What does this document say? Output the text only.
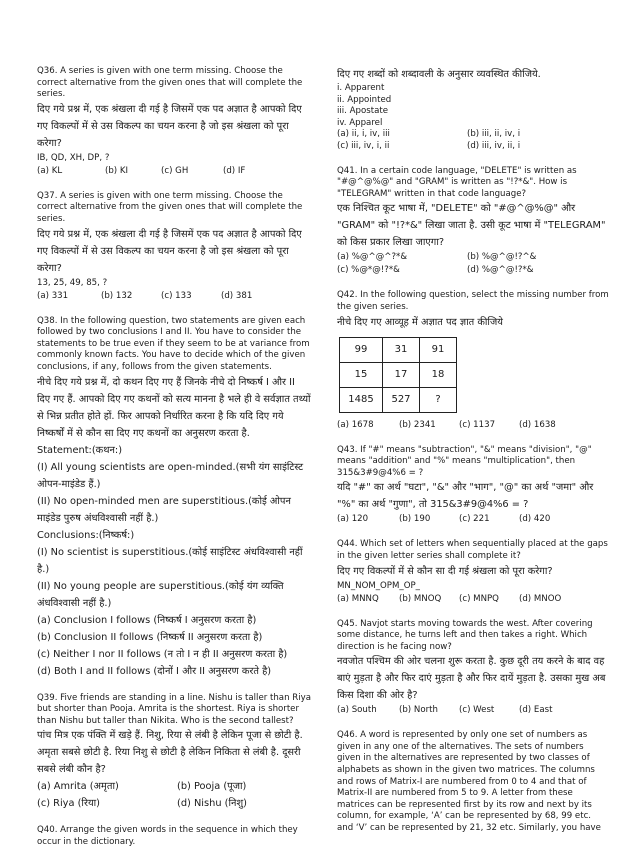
Q36. A series is given with one term missing. Choose the correct alternative from the given ones that will complete the series.

दिए गये प्रश्न में, एक श्रंखला दी गई है जिसमें एक पद अज्ञात है आपको दिए गए विकल्पों में से उस विकल्प का चयन करना है जो इस श्रंखला को पूरा करेगा?

IB, QD, XH, DP, ?

(a) KL	(b) KI	(c) GH	(d) IF

Q37. A series is given with one term missing. Choose the correct alternative from the given ones that will complete the series.

दिए गये प्रश्न में, एक श्रंखला दी गई है जिसमें एक पद अज्ञात है आपको दिए गए विकल्पों में से उस विकल्प का चयन करना है जो इस श्रंखला को पूरा करेगा?

13, 25, 49, 85, ?

(a) 331	(b) 132	(c) 133	(d) 381

Q38. In the following question, two statements are given each followed by two conclusions I and II. You have to consider the statements to be true even if they seem to be at variance from commonly known facts. You have to decide which of the given conclusions, if any, follows from the given statements.

नीचे दिए गये प्रश्न में, दो कथन दिए गए हैं जिनके नीचे दो निष्कर्ष I और II दिए गए हैं. आपको दिए गए कथनों को सत्य मानना है भले ही वे सर्वज्ञात तथ्यों से भिन्न प्रतीत होते हों. फिर आपको निर्धारित करना है कि यदि दिए गये निष्कर्षों में से कौन सा दिए गए कथनों का अनुसरण करता है.

Statement:(कथन:)

(I) All young scientists are open-minded.(सभी यंग साइंटिस्ट ओपन-माइंडेड हैं.)

(II) No open-minded men are superstitious.(कोई ओपन माइंडेड पुरुष अंधविश्वासी नहीं है.)

Conclusions:(निष्कर्ष:)

(I) No scientist is superstitious.(कोई साइंटिस्ट अंधविश्वासी नहीं है.)

(II) No young people are superstitious.(कोई यंग व्यक्ति अंधविश्वासी नहीं है.)

(a) Conclusion I follows (निष्कर्ष I अनुसरण करता है)

(b) Conclusion II follows (निष्कर्ष II अनुसरण करता है)

(c) Neither I nor II follows (न तो I न ही II अनुसरण करता है)

(d) Both I and II follows (दोनों I और II अनुसरण करते है)

Q39. Five friends are standing in a line. Nishu is taller than Riya but shorter than Pooja. Amrita is the shortest. Riya is shorter than Nishu but taller than Nikita. Who is the second tallest?

पांच मित्र एक पंक्ति में खड़े हैं. निशु, रिया से लंबी है लेकिन पूजा से छोटी है. अमृता सबसे छोटी है. रिया निशु से छोटी है लेकिन निकिता से लंबी है. दूसरी सबसे लंबी कौन है?

(a) Amrita (अमृता)	(b) Pooja (पूजा)
(c) Riya (रिया)	(d) Nishu (निशु)

Q40. Arrange the given words in the sequence in which they occur in the dictionary.

दिए गए शब्दों को शब्दावली के अनुसार व्यवस्थित कीजिये.

i. Apparent

ii. Appointed

iii. Apostate

iv. Apparel

(a) ii, i, iv, iii	(b) iii, ii, iv, i
(c) iii, iv, i, ii	(d) iii, iv, ii, i

Q41. In a certain code language, "DELETE" is written as "#@^@%@" and "GRAM" is written as "!?*&". How is "TELEGRAM" written in that code language?

एक निश्चित कूट भाषा में, "DELETE" को "#@^@%@" और "GRAM" को "!?*&" लिखा जाता है. उसी कूट भाषा में "TELEGRAM" को किस प्रकार लिखा जाएगा?

(a) %@^@^?*&	(b) %@^@!?^&
(c) %@*@!?*&	(d) %@^@!?*&

Q42. In the following question, select the missing number from the given series.

नीचे दिए गए आव्यूह में अज्ञात पद ज्ञात कीजिये

99	31	91
15	17	18
1485	527	?
(a) 1678	(b) 2341	(c) 1137	(d) 1638

Q43. If "#" means "subtraction", "&" means "division", "@" means "addition" and "%" means "multiplication", then 315&3#9@4%6 = ?

यदि "#" का अर्थ "घटा", "&" और "भाग", "@" का अर्थ "जमा" और "%" का अर्थ "गुणा", तो 315&3#9@4%6 = ?

(a) 120	(b) 190	(c) 221	(d) 420

Q44. Which set of letters when sequentially placed at the gaps in the given letter series shall complete it?

दिए गए विकल्पों में से कौन सा दी गई श्रंखला को पूरा करेगा?

MN_NOM_OPM_OP_

(a) MNNQ	(b) MNOQ	(c) MNPQ	(d) MNOO

Q45. Navjot starts moving towards the west. After covering some distance, he turns left and then takes a right. Which direction is he facing now?

नवजोत पश्चिम की ओर चलना शुरू करता है. कुछ दूरी तय करने के बाद वह बाएं मुड़ता है और फिर दाएं मुड़ता है और फिर दायें मुड़ता है. उसका मुख अब किस दिशा की ओर है?

(a) South	(b) North	(c) West	(d) East

Q46. A word is represented by only one set of numbers as given in any one of the alternatives. The sets of numbers given in the alternatives are represented by two classes of alphabets as shown in the given two matrices. The columns and rows of Matrix-I are numbered from 0 to 4 and that of Matrix-II are numbered from 5 to 9. A letter from these matrices can be represented first by its row and next by its column, for example, ‘A’ can be represented by 68, 99 etc. and ‘V’ can be represented by 21, 32 etc. Similarly, you have
